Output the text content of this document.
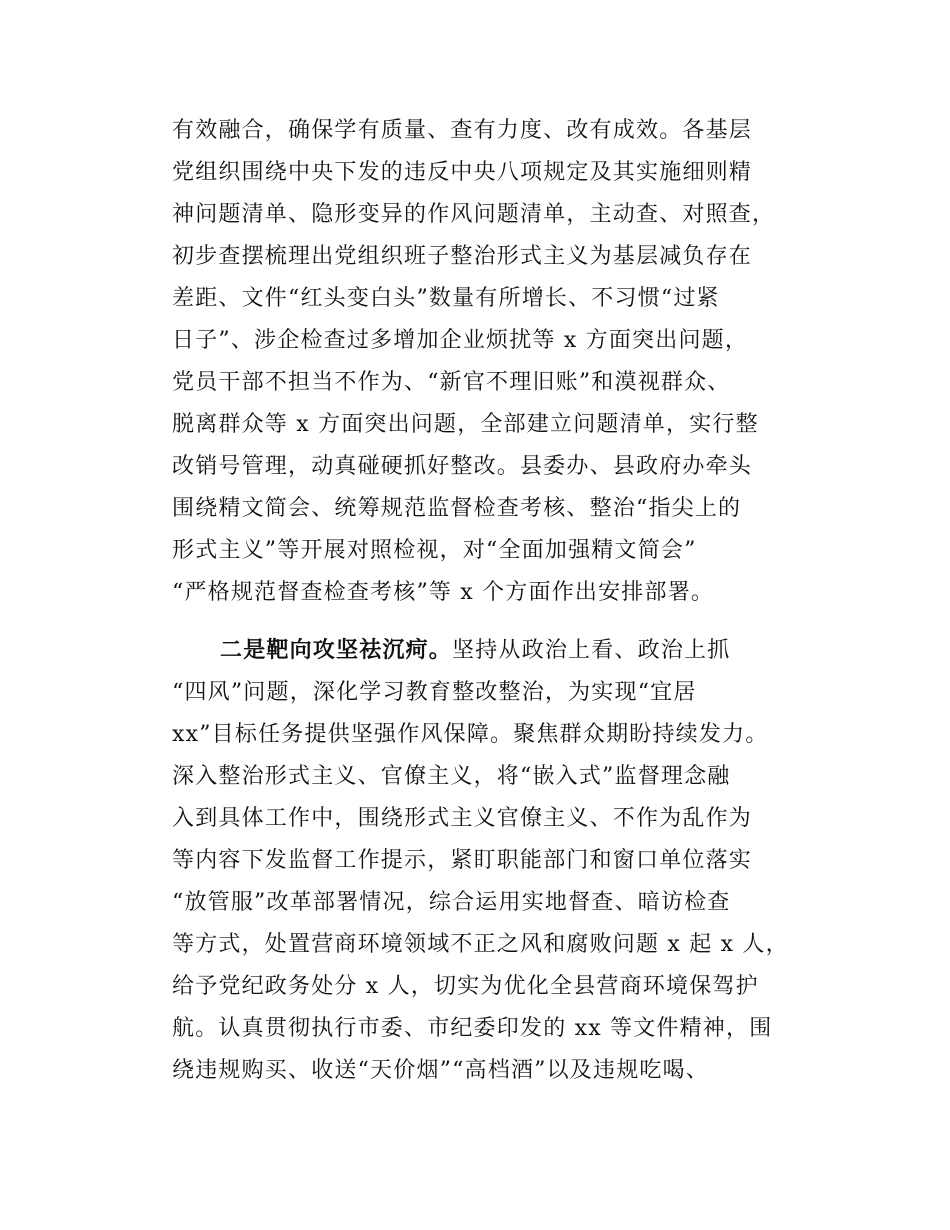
有效融合，确保学有质量、查有力度、改有成效。各基层
党组织围绕中央下发的违反中央八项规定及其实施细则精
神问题清单、隐形变异的作风问题清单，主动查、对照查，
初步查摆梳理出党组织班子整治形式主义为基层减负存在
差距、文件“红头变白头”数量有所增长、不习惯“过紧
日子”、涉企检查过多增加企业烦扰等 x 方面突出问题，
党员干部不担当不作为、“新官不理旧账”和漠视群众、
脱离群众等 x 方面突出问题，全部建立问题清单，实行整
改销号管理，动真碰硬抓好整改。县委办、县政府办牵头
围绕精文简会、统筹规范监督检查考核、整治“指尖上的
形式主义”等开展对照检视，对“全面加强精文简会”
“严格规范督查检查考核”等 x 个方面作出安排部署。
二是靶向攻坚祛沉疴。坚持从政治上看、政治上抓
“四风”问题，深化学习教育整改整治，为实现“宜居
xx”目标任务提供坚强作风保障。聚焦群众期盼持续发力。
深入整治形式主义、官僚主义，将“嵌入式”监督理念融
入到具体工作中，围绕形式主义官僚主义、不作为乱作为
等内容下发监督工作提示，紧盯职能部门和窗口单位落实
“放管服”改革部署情况，综合运用实地督查、暗访检查
等方式，处置营商环境领域不正之风和腐败问题 x 起 x 人，
给予党纪政务处分 x 人，切实为优化全县营商环境保驾护
航。认真贯彻执行市委、市纪委印发的 xx 等文件精神，围
绕违规购买、收送“天价烟”“高档酒”以及违规吃喝、
